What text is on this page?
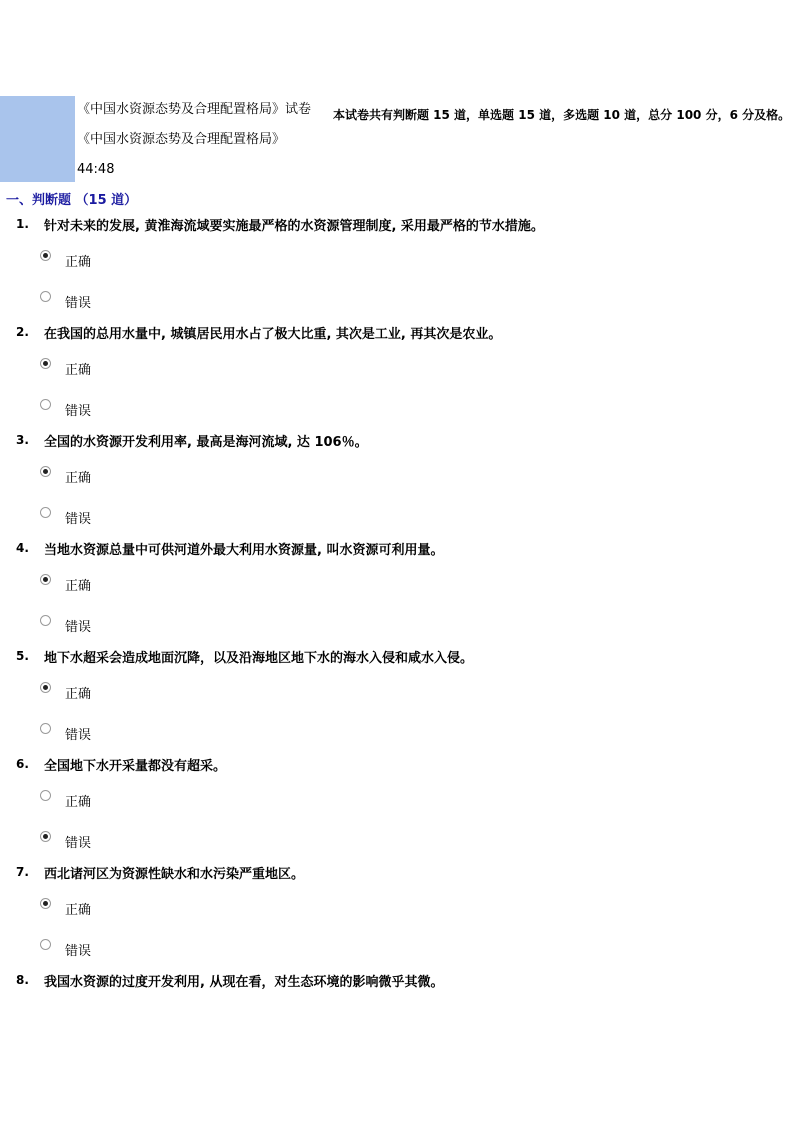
《中国水资源态势及合理配置格局》试卷
《中国水资源态势及合理配置格局》
44:48
本试卷共有判断题 15 道，单选题 15 道，多选题 10 道，总分 100 分，6 分及格。
一、判断题 （15 道）
1. 针对未来的发展, 黄淮海流域要实施最严格的水资源管理制度, 采用最严格的节水措施。
正确
错误
2. 在我国的总用水量中, 城镇居民用水占了极大比重, 其次是工业, 再其次是农业。
正确
错误
3. 全国的水资源开发利用率, 最高是海河流域, 达 106％。
正确
错误
4. 当地水资源总量中可供河道外最大利用水资源量, 叫水资源可利用量。
正确
错误
5. 地下水超采会造成地面沉降，以及沿海地区地下水的海水入侵和咸水入侵。
正确
错误
6. 全国地下水开采量都没有超采。
正确
错误
7. 西北诸河区为资源性缺水和水污染严重地区。
正确
错误
8. 我国水资源的过度开发利用, 从现在看，对生态环境的影响微乎其微。
